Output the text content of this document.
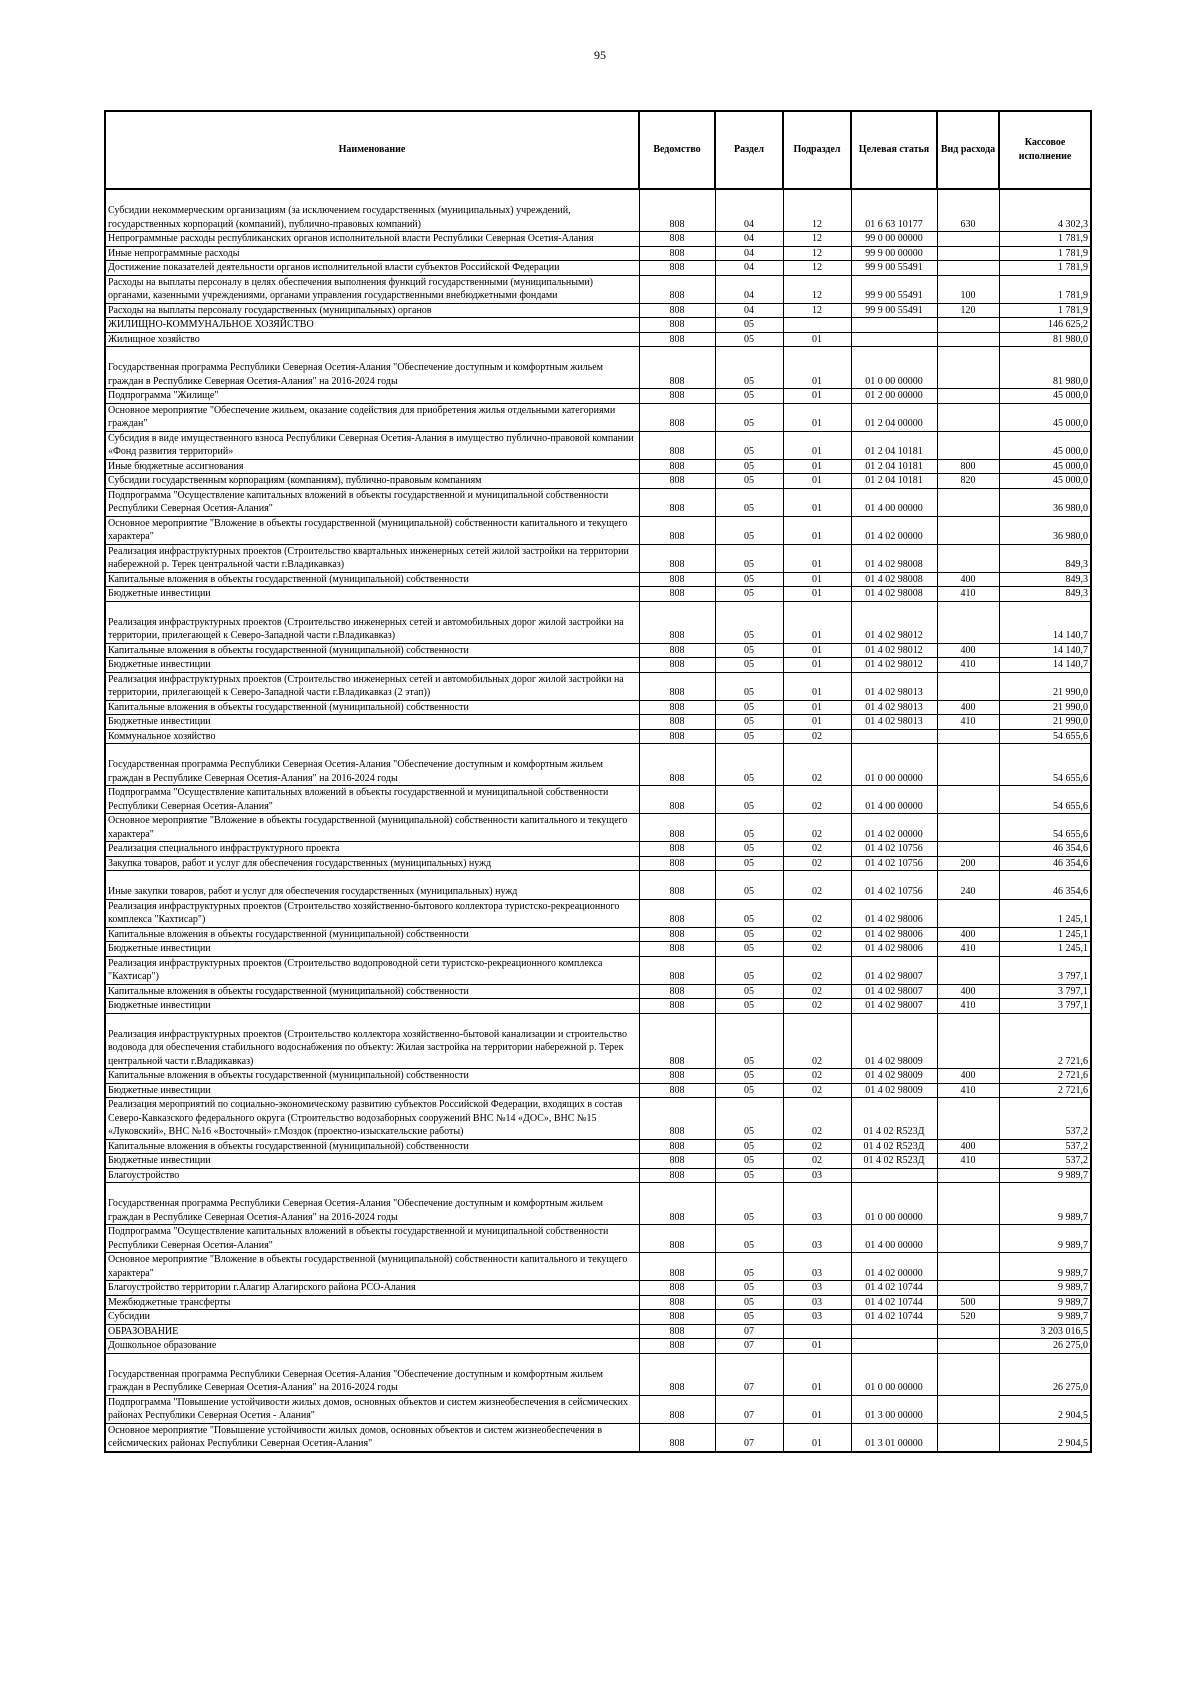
95
Наименование	Ведомство	Раздел	Подраздел	Целевая статья	Вид расхода	Кассовое исполнение
Субсидии некоммерческим организациям (за исключением государственных (муниципальных) учреждений, государственных корпораций (компаний), публично-правовых компаний)	808	04	12	01 6 63 10177	630	4 302,3
Непрограммные расходы республиканских органов исполнительной власти Республики Северная Осетия-Алания	808	04	12	99 0 00 00000		1 781,9
Иные непрограммные расходы	808	04	12	99 9 00 00000		1 781,9
Достижение показателей деятельности органов исполнительной власти субъектов Российской Федерации	808	04	12	99 9 00 55491		1 781,9
Расходы на выплаты персоналу в целях обеспечения выполнения функций государственными (муниципальными) органами, казенными учреждениями, органами управления государственными внебюджетными фондами	808	04	12	99 9 00 55491	100	1 781,9
Расходы на выплаты персоналу государственных (муниципальных) органов	808	04	12	99 9 00 55491	120	1 781,9
ЖИЛИЩНО-КОММУНАЛЬНОЕ ХОЗЯЙСТВО	808	05				146 625,2
Жилищное хозяйство	808	05	01			81 980,0
Государственная программа Республики Северная Осетия-Алания "Обеспечение доступным и комфортным жильем граждан в Республике Северная Осетия-Алания" на 2016-2024 годы	808	05	01	01 0 00 00000		81 980,0
Подпрограмма "Жилище"	808	05	01	01 2 00 00000		45 000,0
Основное мероприятие "Обеспечение жильем, оказание содействия для приобретения жилья отдельными категориями граждан"	808	05	01	01 2 04 00000		45 000,0
Субсидия в виде имущественного взноса Республики Северная Осетия-Алания в имущество публично-правовой компании «Фонд развития территорий»	808	05	01	01 2 04 10181		45 000,0
Иные бюджетные ассигнования	808	05	01	01 2 04 10181	800	45 000,0
Субсидии государственным корпорациям (компаниям), публично-правовым компаниям	808	05	01	01 2 04 10181	820	45 000,0
Подпрограмма "Осуществление капитальных вложений в объекты государственной и муниципальной собственности Республики Северная Осетия-Алания"	808	05	01	01 4 00 00000		36 980,0
Основное мероприятие "Вложение в объекты государственной (муниципальной) собственности капитального и текущего характера"	808	05	01	01 4 02 00000		36 980,0
Реализация инфраструктурных проектов (Строительство квартальных инженерных сетей жилой застройки на территории набережной р. Терек центральной части г.Владикавказ)	808	05	01	01 4 02 98008		849,3
Капитальные вложения в объекты государственной (муниципальной) собственности	808	05	01	01 4 02 98008	400	849,3
Бюджетные инвестиции	808	05	01	01 4 02 98008	410	849,3
Реализация инфраструктурных проектов (Строительство инженерных сетей и автомобильных дорог жилой застройки на территории, прилегающей к Северо-Западной части г.Владикавказ)	808	05	01	01 4 02 98012		14 140,7
Капитальные вложения в объекты государственной (муниципальной) собственности	808	05	01	01 4 02 98012	400	14 140,7
Бюджетные инвестиции	808	05	01	01 4 02 98012	410	14 140,7
Реализация инфраструктурных проектов (Строительство инженерных сетей и автомобильных дорог жилой застройки на территории, прилегающей к Северо-Западной части г.Владикавказ (2 этап))	808	05	01	01 4 02 98013		21 990,0
Капитальные вложения в объекты государственной (муниципальной) собственности	808	05	01	01 4 02 98013	400	21 990,0
Бюджетные инвестиции	808	05	01	01 4 02 98013	410	21 990,0
Коммунальное хозяйство	808	05	02			54 655,6
Государственная программа Республики Северная Осетия-Алания "Обеспечение доступным и комфортным жильем граждан в Республике Северная Осетия-Алания" на 2016-2024 годы	808	05	02	01 0 00 00000		54 655,6
Подпрограмма "Осуществление капитальных вложений в объекты государственной и муниципальной собственности Республики Северная Осетия-Алания"	808	05	02	01 4 00 00000		54 655,6
Основное мероприятие "Вложение в объекты государственной (муниципальной) собственности капитального и текущего характера"	808	05	02	01 4 02 00000		54 655,6
Реализация специального инфраструктурного проекта	808	05	02	01 4 02 10756		46 354,6
Закупка товаров, работ и услуг для обеспечения государственных (муниципальных) нужд	808	05	02	01 4 02 10756	200	46 354,6
Иные закупки товаров, работ и услуг для обеспечения государственных (муниципальных) нужд	808	05	02	01 4 02 10756	240	46 354,6
Реализация инфраструктурных проектов (Строительство хозяйственно-бытового коллектора туристско-рекреационного комплекса "Кахтисар")	808	05	02	01 4 02 98006		1 245,1
Капитальные вложения в объекты государственной (муниципальной) собственности	808	05	02	01 4 02 98006	400	1 245,1
Бюджетные инвестиции	808	05	02	01 4 02 98006	410	1 245,1
Реализация инфраструктурных проектов (Строительство водопроводной сети туристско-рекреационного комплекса "Кахтисар")	808	05	02	01 4 02 98007		3 797,1
Капитальные вложения в объекты государственной (муниципальной) собственности	808	05	02	01 4 02 98007	400	3 797,1
Бюджетные инвестиции	808	05	02	01 4 02 98007	410	3 797,1
Реализация инфраструктурных проектов (Строительство коллектора хозяйственно-бытовой канализации и строительство водовода для обеспечения стабильного водоснабжения по объекту: Жилая застройка на территории набережной р. Терек центральной части г.Владикавказ)	808	05	02	01 4 02 98009		2 721,6
Капитальные вложения в объекты государственной (муниципальной) собственности	808	05	02	01 4 02 98009	400	2 721,6
Бюджетные инвестиции	808	05	02	01 4 02 98009	410	2 721,6
Реализация мероприятий по социально-экономическому развитию субъектов Российской Федерации, входящих в состав Северо-Кавказского федерального округа (Строительство водозаборных сооружений ВНС №14 «ДОС», ВНС №15 «Луковский», ВНС №16 «Восточный» г.Моздок (проектно-изыскательские работы)	808	05	02	01 4 02 R523Д		537,2
Капитальные вложения в объекты государственной (муниципальной) собственности	808	05	02	01 4 02 R523Д	400	537,2
Бюджетные инвестиции	808	05	02	01 4 02 R523Д	410	537,2
Благоустройство	808	05	03			9 989,7
Государственная программа Республики Северная Осетия-Алания "Обеспечение доступным и комфортным жильем граждан в Республике Северная Осетия-Алания" на 2016-2024 годы	808	05	03	01 0 00 00000		9 989,7
Подпрограмма "Осуществление капитальных вложений в объекты государственной и муниципальной собственности Республики Северная Осетия-Алания"	808	05	03	01 4 00 00000		9 989,7
Основное мероприятие "Вложение в объекты государственной (муниципальной) собственности капитального и текущего характера"	808	05	03	01 4 02 00000		9 989,7
Благоустройство территории г.Алагир Алагирского района РСО-Алания	808	05	03	01 4 02 10744		9 989,7
Межбюджетные трансферты	808	05	03	01 4 02 10744	500	9 989,7
Субсидии	808	05	03	01 4 02 10744	520	9 989,7
ОБРАЗОВАНИЕ	808	07				3 203 016,5
Дошкольное образование	808	07	01			26 275,0
Государственная программа Республики Северная Осетия-Алания "Обеспечение доступным и комфортным жильем граждан в Республике Северная Осетия-Алания" на 2016-2024 годы	808	07	01	01 0 00 00000		26 275,0
Подпрограмма "Повышение устойчивости жилых домов, основных объектов и систем жизнеобеспечения в сейсмических районах Республики Северная Осетия - Алания"	808	07	01	01 3 00 00000		2 904,5
Основное мероприятие "Повышение устойчивости жилых домов, основных объектов и систем жизнеобеспечения в сейсмических районах Республики Северная Осетия-Алания"	808	07	01	01 3 01 00000		2 904,5
